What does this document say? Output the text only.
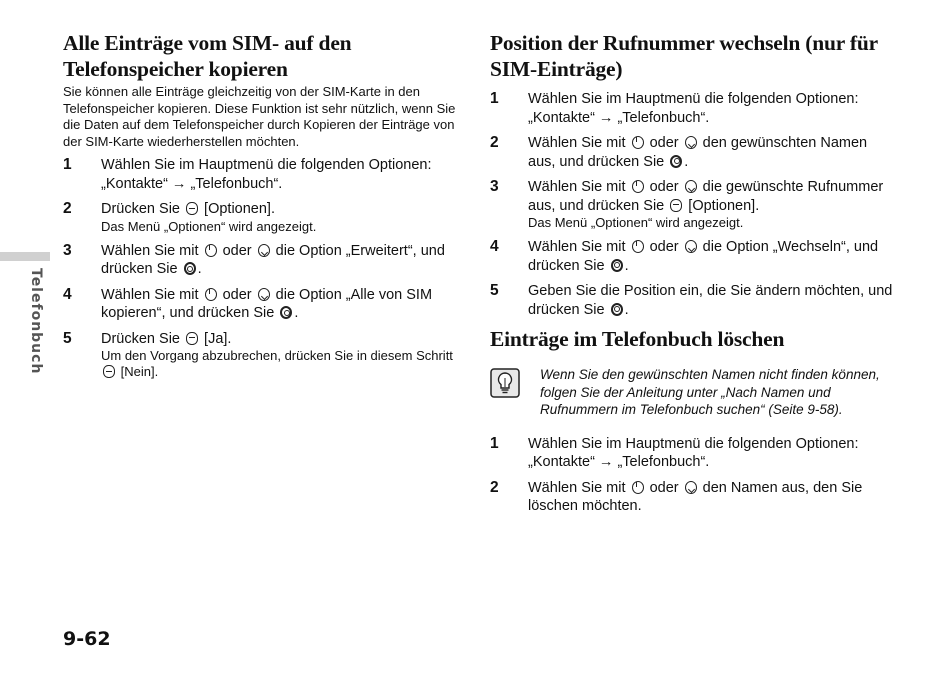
Telefonbuch
Alle Einträge vom SIM- auf den Telefonspeicher kopieren

Sie können alle Einträge gleichzeitig von der SIM-Karte in den Telefonspeicher kopieren. Diese Funktion ist sehr nützlich, wenn Sie die Daten auf dem Telefonspeicher durch Kopieren der Einträge von der SIM-Karte wiederherstellen möchten.

1	Wählen Sie im Hauptmenü die folgenden Optionen: „Kontakte“ → „Telefonbuch“.
2	Drücken Sie [Optionen].
Das Menü „Optionen“ wird angezeigt.
3	Wählen Sie mit oder die Option „Erweitert“, und drücken Sie .
4	Wählen Sie mit oder die Option „Alle von SIM kopieren“, und drücken Sie .
5	Drücken Sie [Ja].
Um den Vorgang abzubrechen, drücken Sie in diesem Schritt  [Nein].
Position der Rufnummer wechseln (nur für SIM-Einträge)
1	Wählen Sie im Hauptmenü die folgenden Optionen: „Kontakte“ → „Telefonbuch“.
2	Wählen Sie mit oder den gewünschten Namen aus, und drücken Sie .
3	Wählen Sie mit oder die gewünschte Rufnummer aus, und drücken Sie [Optionen].
Das Menü „Optionen“ wird angezeigt.
4	Wählen Sie mit oder die Option „Wechseln“, und drücken Sie .
5	Geben Sie die Position ein, die Sie ändern möchten, und drücken Sie .
Einträge im Telefonbuch löschen
Wenn Sie den gewünschten Namen nicht finden können, folgen Sie der Anleitung unter „Nach Namen und Rufnummern im Telefonbuch suchen“ (Seite 9-58).
1	Wählen Sie im Hauptmenü die folgenden Optionen: „Kontakte“ → „Telefonbuch“.
2	Wählen Sie mit oder den Namen aus, den Sie löschen möchten.
9-62
